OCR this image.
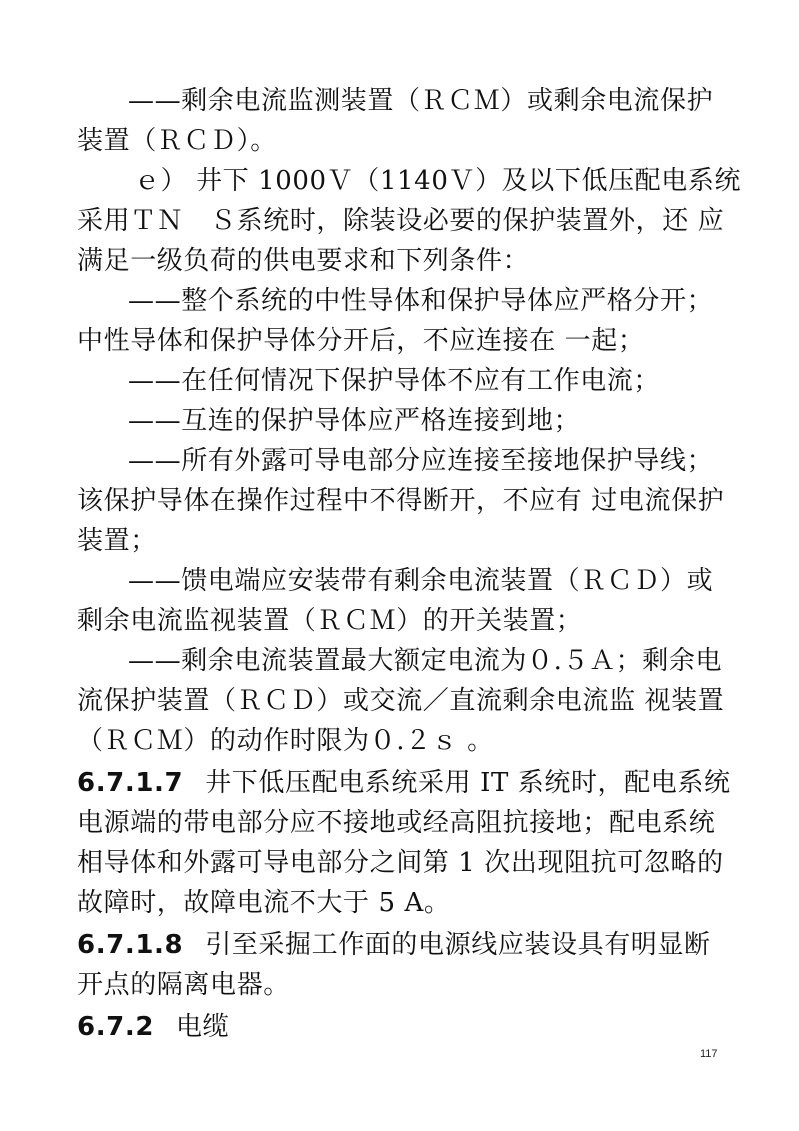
——剩余电流监测装置（ＲＣＭ）或剩余电流保护
装置（ＲＣＤ）。
ｅ） 井下 1000Ｖ（1140Ｖ）及以下低压配电系统
采用ＴＮ　Ｓ系统时，除装设必要的保护装置外，还 应
满足一级负荷的供电要求和下列条件：
——整个系统的中性导体和保护导体应严格分开；
中性导体和保护导体分开后，不应连接在 一起；
——在任何情况下保护导体不应有工作电流；
——互连的保护导体应严格连接到地；
——所有外露可导电部分应连接至接地保护导线；
该保护导体在操作过程中不得断开，不应有 过电流保护
装置；
——馈电端应安装带有剩余电流装置（ＲＣＤ）或
剩余电流监视装置（ＲＣＭ）的开关装置；
——剩余电流装置最大额定电流为０.５Ａ；剩余电
流保护装置（ＲＣＤ）或交流／直流剩余电流监 视装置
（ＲＣＭ）的动作时限为０.２ｓ 。
6.7.1.7 井下低压配电系统采用 IT 系统时，配电系统
电源端的带电部分应不接地或经高阻抗接地；配电系统
相导体和外露可导电部分之间第 1 次出现阻抗可忽略的
故障时，故障电流不大于 5 A。
6.7.1.8 引至采掘工作面的电源线应装设具有明显断
开点的隔离电器。
6.7.2 电缆
117
